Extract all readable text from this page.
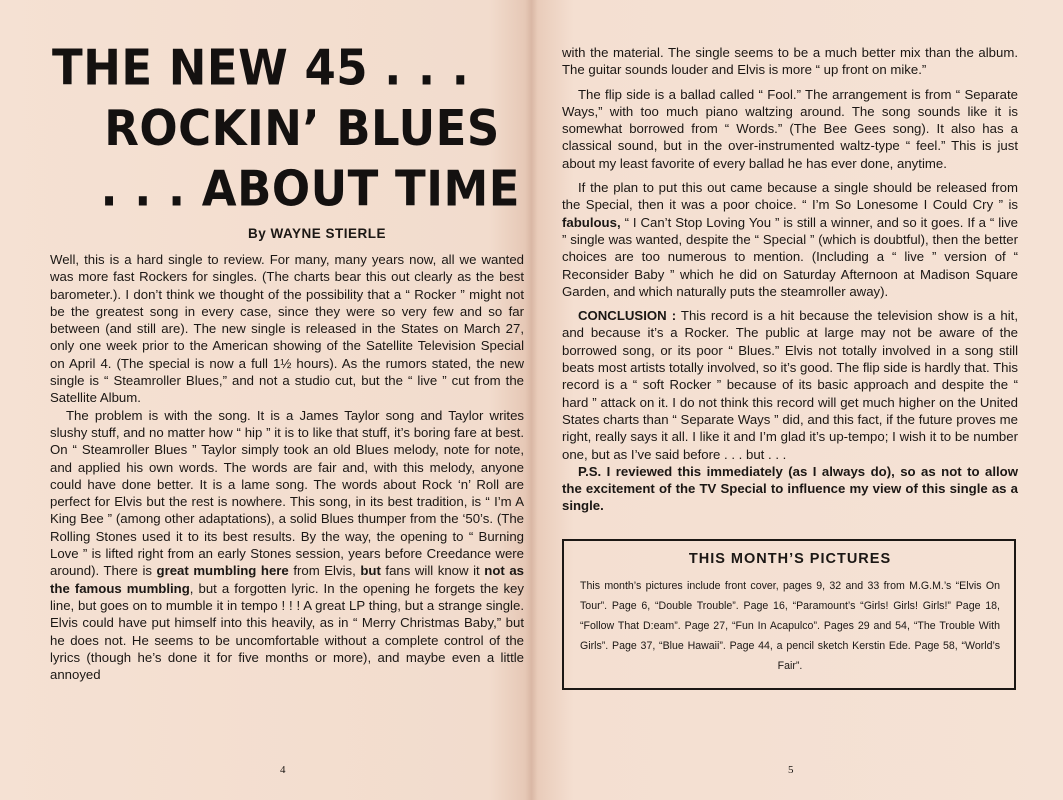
THE NEW 45 . . .
ROCKIN’ BLUES
. . . ABOUT TIME
By WAYNE STIERLE

Well, this is a hard single to review. For many, many years now, all we wanted was more fast Rockers for singles. (The charts bear this out clearly as the best barometer.). I don’t think we thought of the possibility that a “ Rocker ” might not be the greatest song in every case, since they were so very few and so far between (and still are). The new single is released in the States on March 27, only one week prior to the American showing of the Satellite Television Special on April 4. (The special is now a full 1½ hours). As the rumors stated, the new single is “ Steamroller Blues,” and not a studio cut, but the “ live ” cut from the Satellite Album.

The problem is with the song. It is a James Taylor song and Taylor writes slushy stuff, and no matter how “ hip ” it is to like that stuff, it’s boring fare at best. On “ Steamroller Blues ” Taylor simply took an old Blues melody, note for note, and applied his own words. The words are fair and, with this melody, anyone could have done better. It is a lame song. The words about Rock ‘n’ Roll are perfect for Elvis but the rest is nowhere. This song, in its best tradition, is “ I’m A King Bee ” (among other adaptations), a solid Blues thumper from the ‘50’s. (The Rolling Stones used it to its best results. By the way, the opening to “ Burning Love ” is lifted right from an early Stones session, years before Creedance were around). There is great mumbling here from Elvis, but fans will know it not as the famous mumbling, but a forgotten lyric. In the opening he forgets the key line, but goes on to mumble it in tempo ! ! ! A great LP thing, but a strange single. Elvis could have put himself into this heavily, as in “ Merry Christmas Baby,” but he does not. He seems to be uncomfortable without a complete control of the lyrics (though he’s done it for five months or more), and maybe even a little annoyed

4

with the material. The single seems to be a much better mix than the album. The guitar sounds louder and Elvis is more “ up front on mike.”

The flip side is a ballad called “ Fool.” The arrangement is from “ Separate Ways,” with too much piano waltzing around. The song sounds like it is somewhat borrowed from “ Words.” (The Bee Gees song). It also has a classical sound, but in the over-instrumented waltz-type “ feel.” This is just about my least favorite of every ballad he has ever done, anytime.

If the plan to put this out came because a single should be released from the Special, then it was a poor choice. “ I’m So Lonesome I Could Cry ” is fabulous, “ I Can’t Stop Loving You ” is still a winner, and so it goes. If a “ live ” single was wanted, despite the “ Special ” (which is doubtful), then the better choices are too numerous to mention. (Including a “ live ” version of “ Reconsider Baby ” which he did on Saturday Afternoon at Madison Square Garden, and which naturally puts the steamroller away).

CONCLUSION : This record is a hit because the television show is a hit, and because it’s a Rocker. The public at large may not be aware of the borrowed song, or its poor “ Blues.” Elvis not totally involved in a song still beats most artists totally involved, so it’s good. The flip side is hardly that. This record is a “ soft Rocker ” because of its basic approach and despite the “ hard ” attack on it. I do not think this record will get much higher on the United States charts than “ Separate Ways ” did, and this fact, if the future proves me right, really says it all. I like it and I’m glad it’s up-tempo; I wish it to be number one, but as I’ve said before . . . but . . .

P.S. I reviewed this immediately (as I always do), so as not to allow the excitement of the TV Special to influence my view of this single as a single.

THIS MONTH’S PICTURES
This month’s pictures include front cover, pages 9, 32 and 33 from M.G.M.’s “Elvis On Tour”. Page 6, “Double Trouble”. Page 16, “Paramount’s “Girls! Girls! Girls!” Page 18, “Follow That D:eam”. Page 27, “Fun In Acapulco”. Pages 29 and 54, “The Trouble With Girls”. Page 37, “Blue Hawaii”. Page 44, a pencil sketch Kerstin Ede. Page 58, “World’s Fair”.
5
